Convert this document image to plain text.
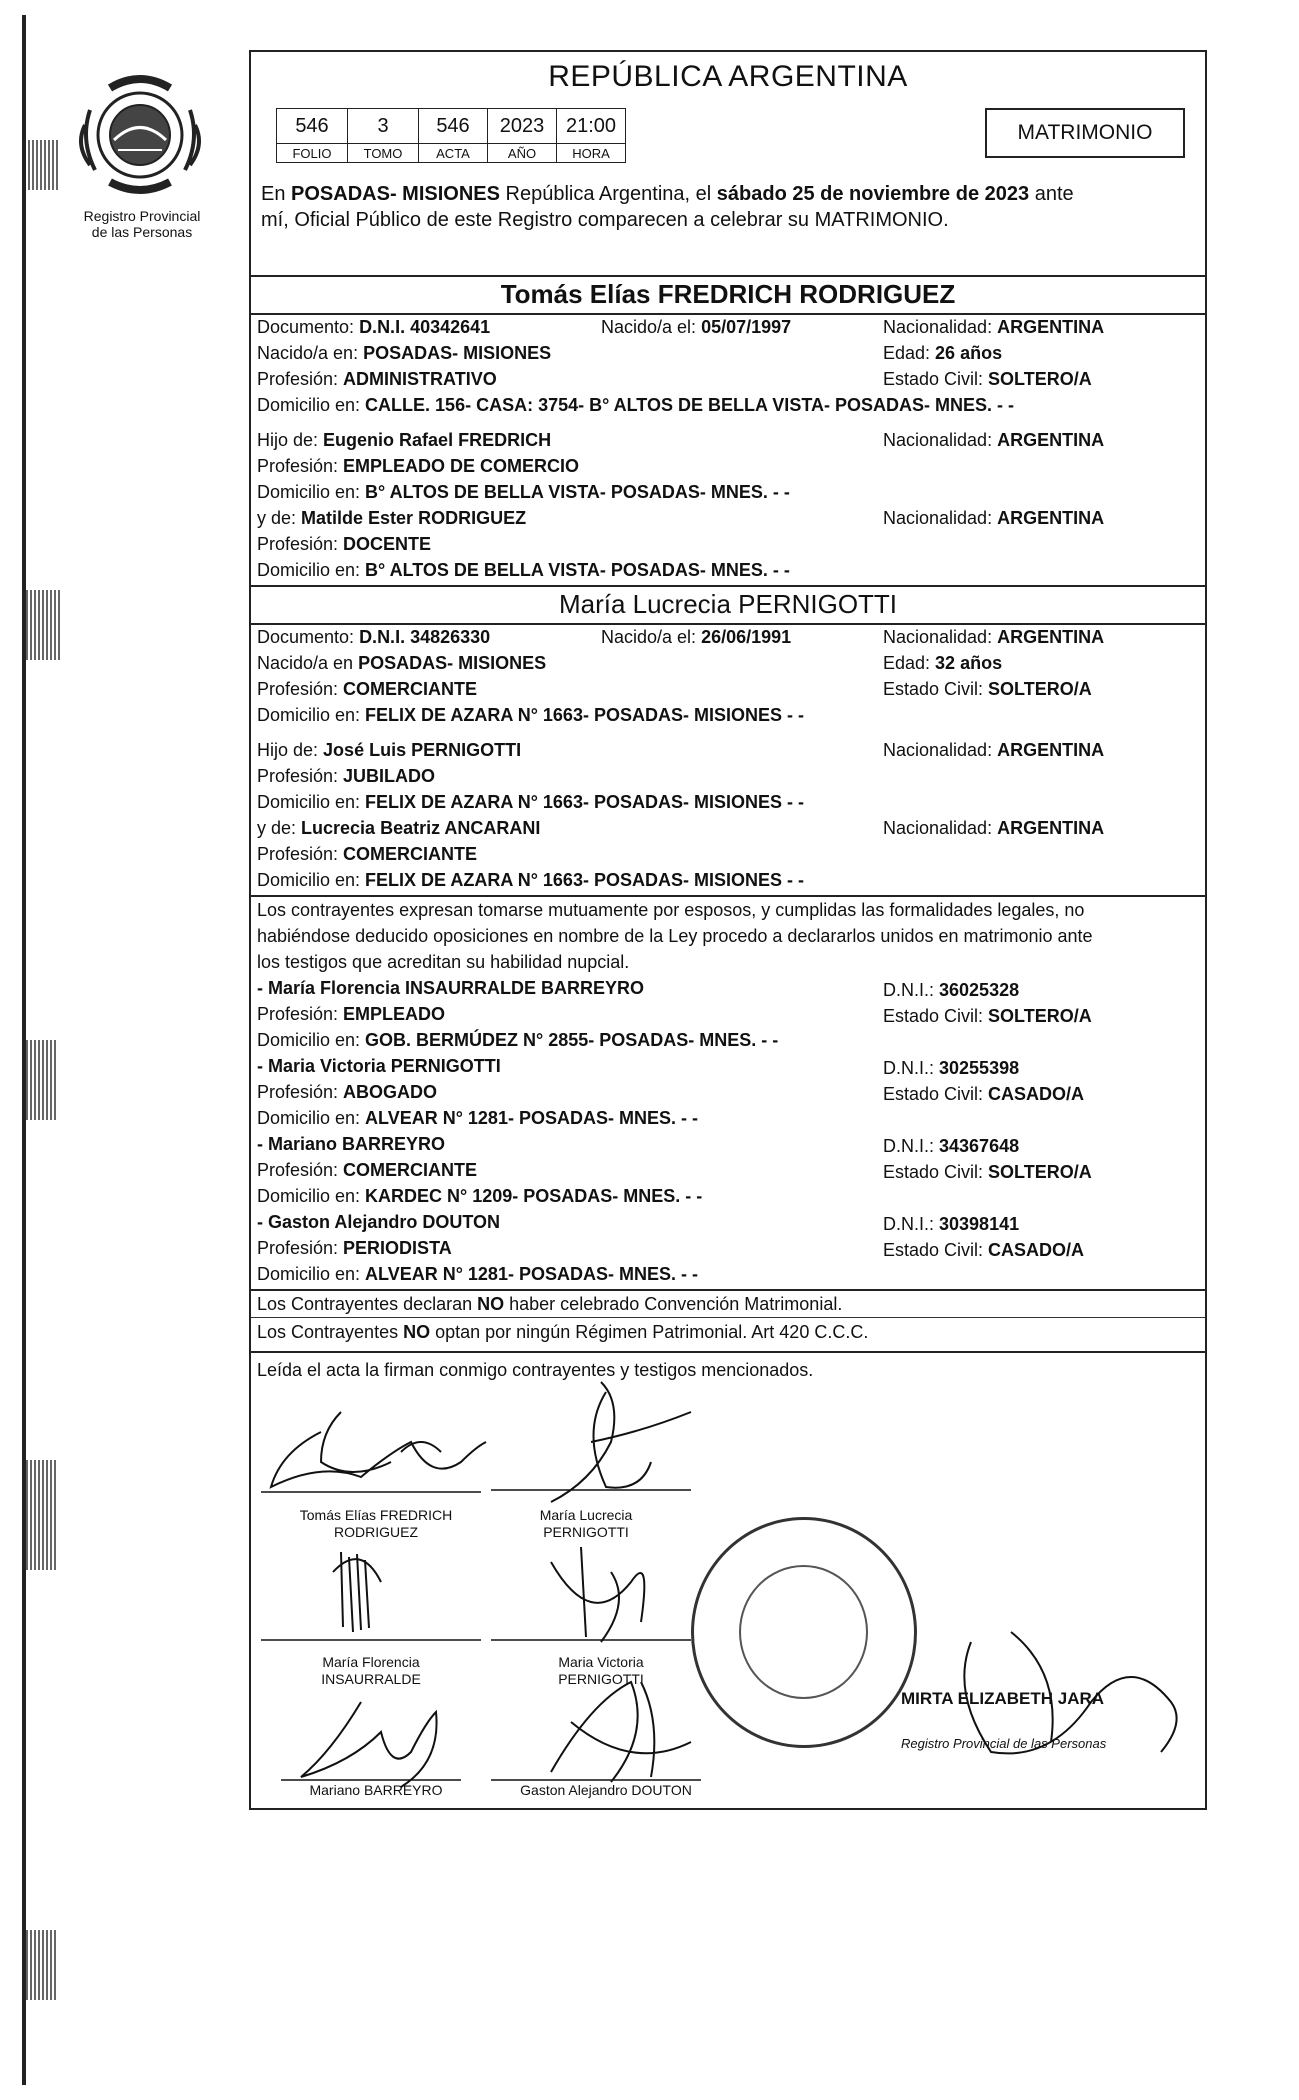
Registro Provincial
de las Personas
REPÚBLICA ARGENTINA
546	3	546	2023	21:00
FOLIO	TOMO	ACTA	AÑO	HORA
MATRIMONIO
En POSADAS- MISIONES República Argentina, el sábado 25 de noviembre de 2023 ante
mí, Oficial Público de este Registro comparecen a celebrar su MATRIMONIO.
Tomás Elías FREDRICH RODRIGUEZ
Documento: D.N.I. 40342641	Nacido/a el: 05/07/1997	Nacionalidad: ARGENTINA
Nacido/a en: POSADAS- MISIONES	Edad: 26 años
Profesión: ADMINISTRATIVO	Estado Civil: SOLTERO/A
Domicilio en: CALLE. 156- CASA: 3754- B° ALTOS DE BELLA VISTA- POSADAS- MNES. - -
Hijo de: Eugenio Rafael FREDRICH	Nacionalidad: ARGENTINA
Profesión: EMPLEADO DE COMERCIO
Domicilio en: B° ALTOS DE BELLA VISTA- POSADAS- MNES. - -
y de: Matilde Ester RODRIGUEZ	Nacionalidad: ARGENTINA
Profesión: DOCENTE
Domicilio en: B° ALTOS DE BELLA VISTA- POSADAS- MNES. - -
María Lucrecia PERNIGOTTI
Documento: D.N.I. 34826330	Nacido/a el: 26/06/1991	Nacionalidad: ARGENTINA
Nacido/a en POSADAS- MISIONES	Edad: 32 años
Profesión: COMERCIANTE	Estado Civil: SOLTERO/A
Domicilio en: FELIX DE AZARA N° 1663- POSADAS- MISIONES - -
Hijo de: José Luis PERNIGOTTI	Nacionalidad: ARGENTINA
Profesión: JUBILADO
Domicilio en: FELIX DE AZARA N° 1663- POSADAS- MISIONES - -
y de: Lucrecia Beatriz ANCARANI	Nacionalidad: ARGENTINA
Profesión: COMERCIANTE
Domicilio en: FELIX DE AZARA N° 1663- POSADAS- MISIONES - -
Los contrayentes expresan tomarse mutuamente por esposos, y cumplidas las formalidades legales, no
habiéndose deducido oposiciones en nombre de la Ley procedo a declararlos unidos en matrimonio ante
los testigos que acreditan su habilidad nupcial.
- María Florencia INSAURRALDE BARREYRO	D.N.I.: 36025328
Profesión: EMPLEADO	Estado Civil: SOLTERO/A
Domicilio en: GOB. BERMÚDEZ N° 2855- POSADAS- MNES. - -
- Maria Victoria PERNIGOTTI	D.N.I.: 30255398
Profesión: ABOGADO	Estado Civil: CASADO/A
Domicilio en: ALVEAR N° 1281- POSADAS- MNES. - -
- Mariano BARREYRO	D.N.I.: 34367648
Profesión: COMERCIANTE	Estado Civil: SOLTERO/A
Domicilio en: KARDEC N° 1209- POSADAS- MNES. - -
- Gaston Alejandro DOUTON	D.N.I.: 30398141
Profesión: PERIODISTA	Estado Civil: CASADO/A
Domicilio en: ALVEAR N° 1281- POSADAS- MNES. - -
Los Contrayentes declaran NO haber celebrado Convención Matrimonial.
Los Contrayentes NO optan por ningún Régimen Patrimonial. Art 420 C.C.C.
Leída el acta la firman conmigo contrayentes y testigos mencionados.
Tomás Elías FREDRICH
RODRIGUEZ
María Lucrecia
PERNIGOTTI
María Florencia
INSAURRALDE
Maria Victoria
PERNIGOTTI
Mariano BARREYRO	Gaston Alejandro DOUTON
MIRTA ELIZABETH JARA
Registro Provincial de las Personas
